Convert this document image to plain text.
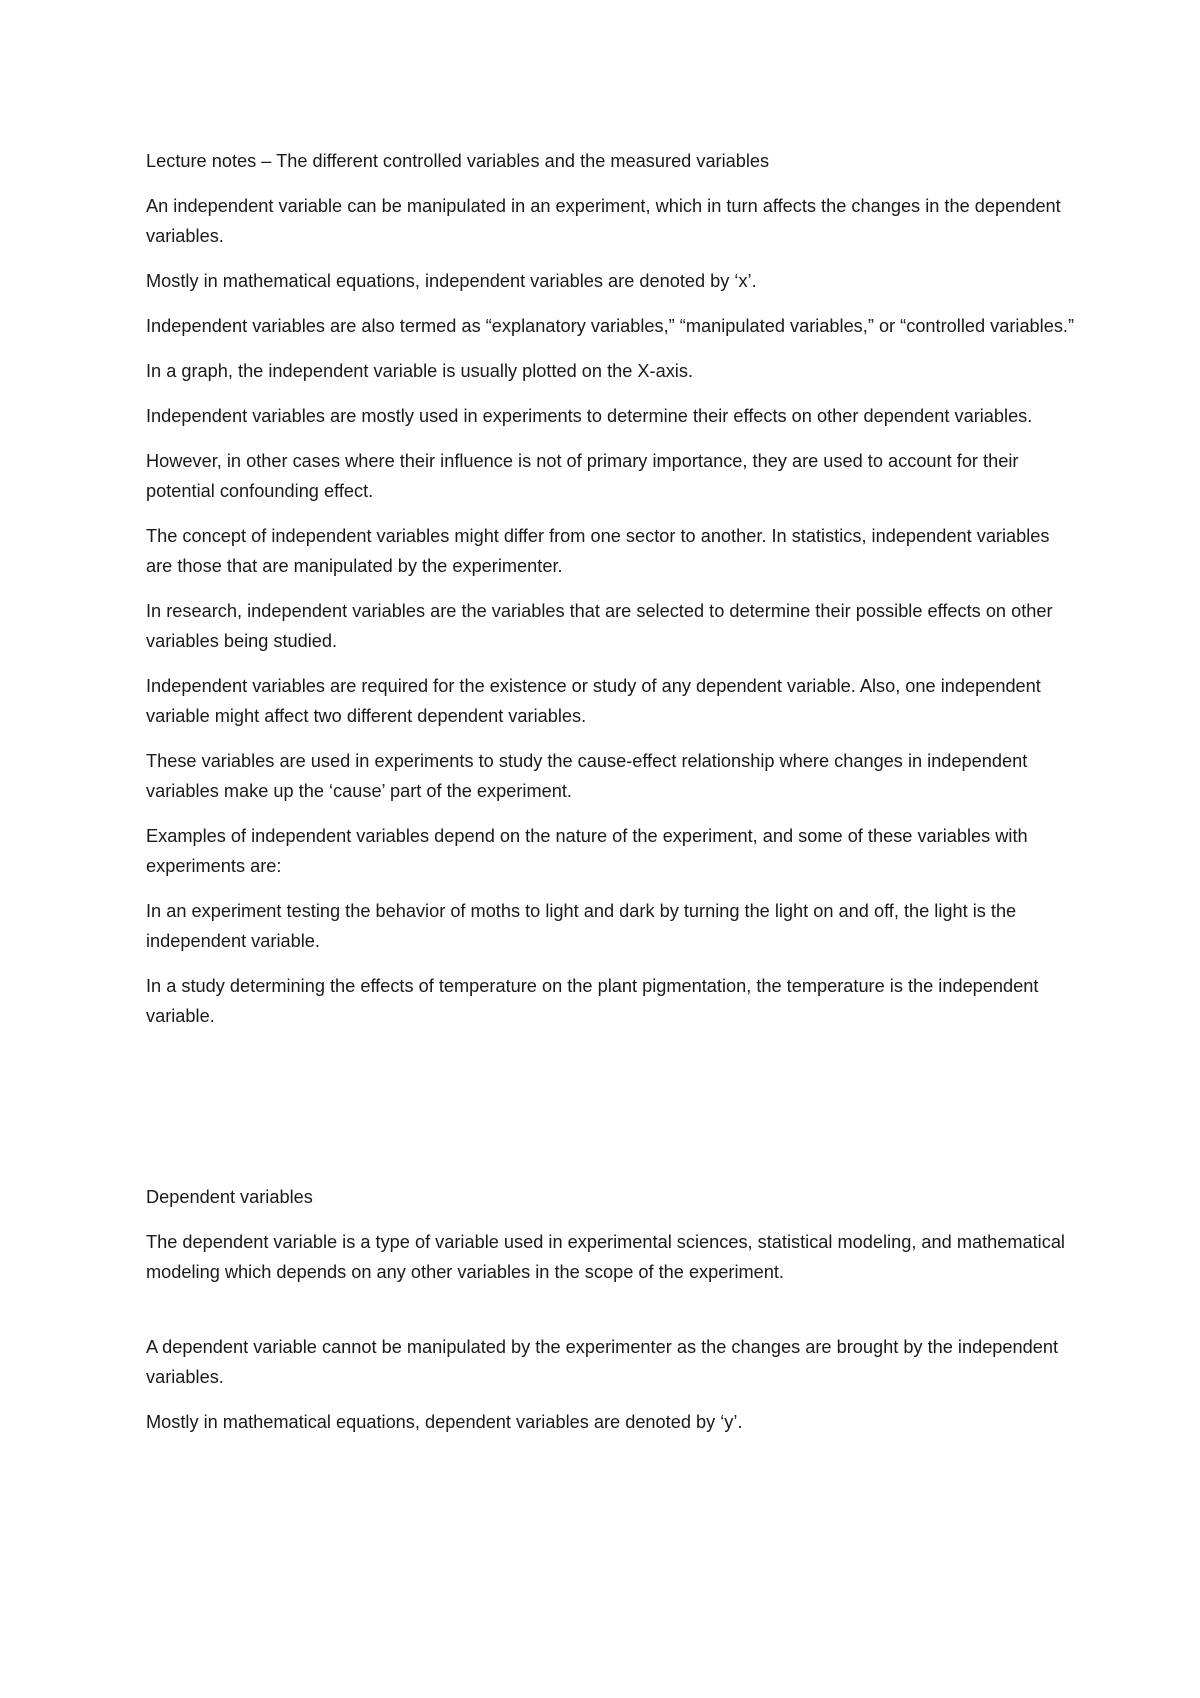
Lecture notes – The different controlled variables and the measured variables

An independent variable can be manipulated in an experiment, which in turn affects the changes in the dependent variables.

Mostly in mathematical equations, independent variables are denoted by ‘x’.

Independent variables are also termed as “explanatory variables,” “manipulated variables,” or “controlled variables.”

In a graph, the independent variable is usually plotted on the X-axis.

Independent variables are mostly used in experiments to determine their effects on other dependent variables.

However, in other cases where their influence is not of primary importance, they are used to account for their potential confounding effect.

The concept of independent variables might differ from one sector to another. In statistics, independent variables are those that are manipulated by the experimenter.

In research, independent variables are the variables that are selected to determine their possible effects on other variables being studied.

Independent variables are required for the existence or study of any dependent variable. Also, one independent variable might affect two different dependent variables.

These variables are used in experiments to study the cause-effect relationship where changes in independent variables make up the ‘cause’ part of the experiment.

Examples of independent variables depend on the nature of the experiment, and some of these variables with experiments are:

In an experiment testing the behavior of moths to light and dark by turning the light on and off, the light is the independent variable.

In a study determining the effects of temperature on the plant pigmentation, the temperature is the independent variable.

Dependent variables

The dependent variable is a type of variable used in experimental sciences, statistical modeling, and mathematical modeling which depends on any other variables in the scope of the experiment.

A dependent variable cannot be manipulated by the experimenter as the changes are brought by the independent variables.

Mostly in mathematical equations, dependent variables are denoted by ‘y’.
